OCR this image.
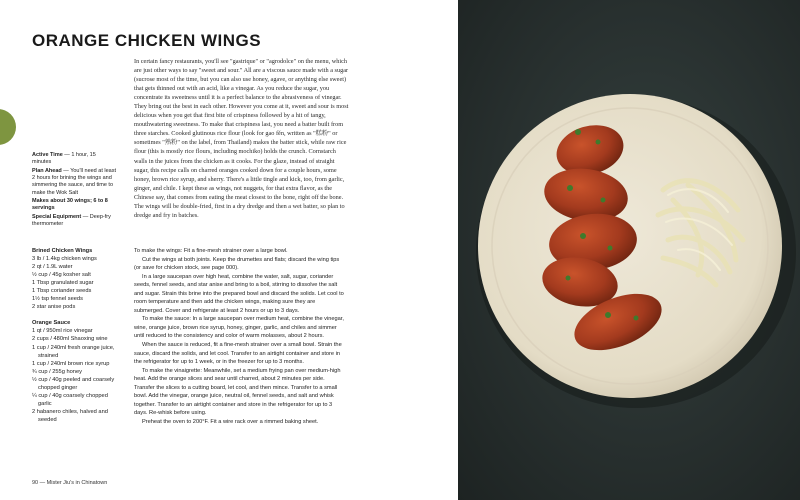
ORANGE CHICKEN WINGS

In certain fancy restaurants, you'll see "gastrique" or "agrodolce" on the menu, which are just other ways to say "sweet and sour." All are a viscous sauce made with a sugar (sucrose most of the time, but you can also use honey, agave, or anything else sweet) that gets thinned out with an acid, like a vinegar. As you reduce the sugar, you concentrate its sweetness until it is a perfect balance to the abrasiveness of vinegar. They bring out the best in each other. However you come at it, sweet and sour is most delicious when you get that first bite of crispiness followed by a hit of tangy, mouthwatering sweetness. To make that crispiness last, you need a batter built from three starches. Cooked glutinous rice flour (look for gao fěn, written as "糕粉" or sometimes "熟粉" on the label, from Thailand) makes the batter stick, while raw rice flour (this is mostly rice flours, including mochiko) holds the crunch. Cornstarch walls in the juices from the chicken as it cooks. For the glaze, instead of straight sugar, this recipe calls on charred oranges cooked down for a couple hours, some honey, brown rice syrup, and sherry. There's a little tingle and kick, too, from garlic, ginger, and chile. I kept these as wings, not nuggets, for that extra flavor, as the Chinese say, that comes from eating the meat closest to the bone, right off the bone. The wings will be double-fried, first in a dry dredge and then a wet batter, so plan to dredge and fry in batches.

Active Time — 1 hour, 15 minutes
Plan Ahead — You'll need at least 2 hours for brining the wings and simmering the sauce, and time to make the Wok Salt
Makes about 30 wings; 6 to 8 servings
Special Equipment — Deep-fry thermometer
Brined Chicken Wings
3 lb / 1.4kg chicken wings
2 qt / 1.9L water
½ cup / 45g kosher salt
1 Tbsp granulated sugar
1 Tbsp coriander seeds
1½ tsp fennel seeds
2 star anise pods
Orange Sauce
1 qt / 950ml rice vinegar
2 cups / 480ml Shaoxing wine
1 cup / 240ml fresh orange juice, strained
1 cup / 240ml brown rice syrup
¾ cup / 255g honey
½ cup / 40g peeled and coarsely chopped ginger
¼ cup / 40g coarsely chopped garlic
2 habanero chiles, halved and seeded

To make the wings: Fit a fine-mesh strainer over a large bowl.

Cut the wings at both joints. Keep the drumettes and flats; discard the wing tips (or save for chicken stock, see page 000).

In a large saucepan over high heat, combine the water, salt, sugar, coriander seeds, fennel seeds, and star anise and bring to a boil, stirring to dissolve the salt and sugar. Strain this brine into the prepared bowl and discard the solids. Let cool to room temperature and then add the chicken wings, making sure they are submerged. Cover and refrigerate at least 2 hours or up to 3 days.

To make the sauce: In a large saucepan over medium heat, combine the vinegar, wine, orange juice, brown rice syrup, honey, ginger, garlic, and chiles and simmer until reduced to the consistency and color of warm molasses, about 2 hours.

When the sauce is reduced, fit a fine-mesh strainer over a small bowl. Strain the sauce, discard the solids, and let cool. Transfer to an airtight container and store in the refrigerator for up to 1 week, or in the freezer for up to 3 months.

To make the vinaigrette: Meanwhile, set a medium frying pan over medium-high heat. Add the orange slices and sear until charred, about 2 minutes per side. Transfer the slices to a cutting board, let cool, and then mince. Transfer to a small bowl. Add the vinegar, orange juice, neutral oil, fennel seeds, and salt and whisk together. Transfer to an airtight container and store in the refrigerator for up to 3 days. Re-whisk before using.

Preheat the oven to 200°F. Fit a wire rack over a rimmed baking sheet.

90 — Mister Jiu's in Chinatown
